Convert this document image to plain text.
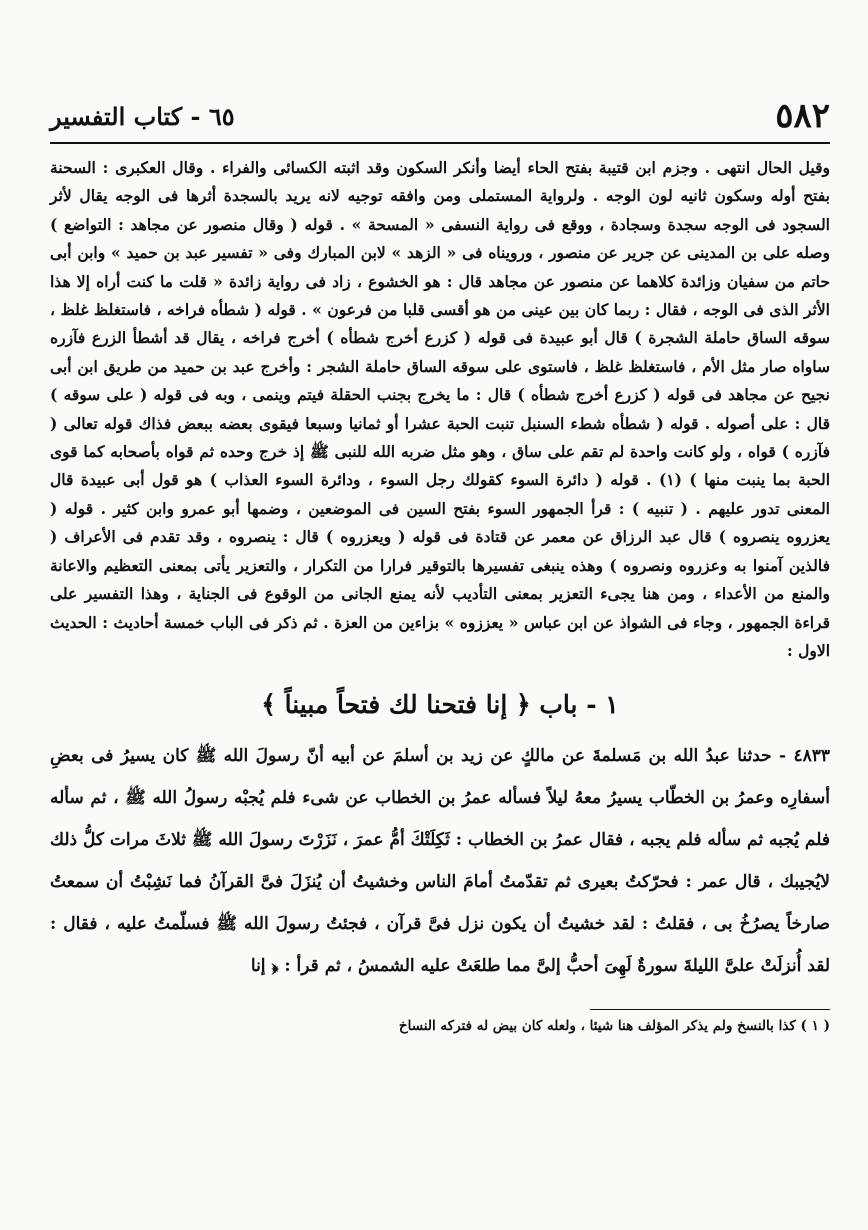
٥٨٢
٦٥ - كتاب التفسير

وقيل الحال انتهى . وجزم ابن قتيبة بفتح الحاء أيضا وأنكر السكون وقد اثبته الكسائى والفراء . وقال العكبرى : السحنة بفتح أوله وسكون ثانيه لون الوجه . ولرواية المستملى ومن وافقه توجيه لانه يريد بالسجدة أثرها فى الوجه يقال لأثر السجود فى الوجه سجدة وسجادة ، ووقع فى رواية النسفى « المسحة » . قوله ( وقال منصور عن مجاهد : التواضع ) وصله على بن المدينى عن جرير عن منصور ، ورويناه فى « الزهد » لابن المبارك وفى « تفسير عبد بن حميد » وابن أبى حاتم من سفيان وزائدة كلاهما عن منصور عن مجاهد قال : هو الخشوع ، زاد فى رواية زائدة « قلت ما كنت أراه إلا هذا الأثر الذى فى الوجه ، فقال : ربما كان بين عينى من هو أقسى قلبا من فرعون » . قوله ( شطأه فراخه ، فاستغلظ غلظ ، سوقه الساق حاملة الشجرة ) قال أبو عبيدة فى قوله ( كزرع أخرج شطأه ) أخرج فراخه ، يقال قد أشطأ الزرع فآزره ساواه صار مثل الأم ، فاستغلظ غلظ ، فاستوى على سوقه الساق حاملة الشجر : وأخرج عبد بن حميد من طريق ابن أبى نجيح عن مجاهد فى قوله ( كزرع أخرج شطأه ) قال : ما يخرج بجنب الحقلة فيتم وينمى ، وبه فى قوله ( على سوقه ) قال : على أصوله . قوله ( شطأه شطء السنبل تنبت الحبة عشرا أو ثمانيا وسبعا فيقوى بعضه ببعض فذاك قوله تعالى ( فآزره ) قواه ، ولو كانت واحدة لم تقم على ساق ، وهو مثل ضربه الله للنبى ﷺ إذ خرج وحده ثم قواه بأصحابه كما قوى الحبة بما ينبت منها ) (١) . قوله ( دائرة السوء كقولك رجل السوء ، ودائرة السوء العذاب ) هو قول أبى عبيدة قال المعنى تدور عليهم . ( تنبيه ) : قرأ الجمهور السوء بفتح السين فى الموضعين ، وضمها أبو عمرو وابن كثير . قوله ( يعزروه ينصروه ) قال عبد الرزاق عن معمر عن قتادة فى قوله ( ويعزروه ) قال : ينصروه ، وقد تقدم فى الأعراف ( فالذين آمنوا به وعزروه ونصروه ) وهذه ينبغى تفسيرها بالتوقير فرارا من التكرار ، والتعزير يأتى بمعنى التعظيم والاعانة والمنع من الأعداء ، ومن هنا يجىء التعزير بمعنى التأديب لأنه يمنع الجانى من الوقوع فى الجناية ، وهذا التفسير على قراءة الجمهور ، وجاء فى الشواذ عن ابن عباس « يعززوه » بزاءين من العزة . ثم ذكر فى الباب خمسة أحاديث : الحديث الاول :

١ - باب ﴿ إنا فتحنا لك فتحاً مبيناً ﴾

٤٨٣٣ - حدثنا عبدُ الله بن مَسلمةَ عن مالكٍ عن زيد بن أسلمَ عن أبيه أنّ رسولَ الله ﷺ كان يسيرُ فى بعضِ أسفارِه وعمرُ بن الخطّاب يسيرُ معهُ ليلاً فسأله عمرُ بن الخطاب عن شىء فلم يُجبْه رسولُ الله ﷺ ، ثم سأله فلم يُجبه ثم سأله فلم يجبه ، فقال عمرُ بن الخطاب : ثَكِلَتْكَ أمُّ عمرَ ، نَزَرْتَ رسولَ الله ﷺ ثلاثَ مرات كلُّ ذلك لايُجيبك ، قال عمر : فحرّكتُ بعيرى ثم تقدّمتُ أمامَ الناس وخشيتُ أن يُنزَلَ فىَّ القرآنُ فما نَشِبْتُ أن سمعتُ صارخاً يصرُخُ بى ، فقلتُ : لقد خشيتُ أن يكون نزل فىَّ قرآن ، فجئتُ رسولَ الله ﷺ فسلّمتُ عليه ، فقال : لقد أُنزلَتْ علىَّ الليلةَ سورةٌ لَهِىَ أحبُّ إلىَّ مما طلعَتْ عليه الشمسُ ، ثم قرأ : ﴿ إنا

( ١ ) كذا بالنسخ ولم يذكر المؤلف هنا شيئا ، ولعله كان بيض له فتركه النساخ
